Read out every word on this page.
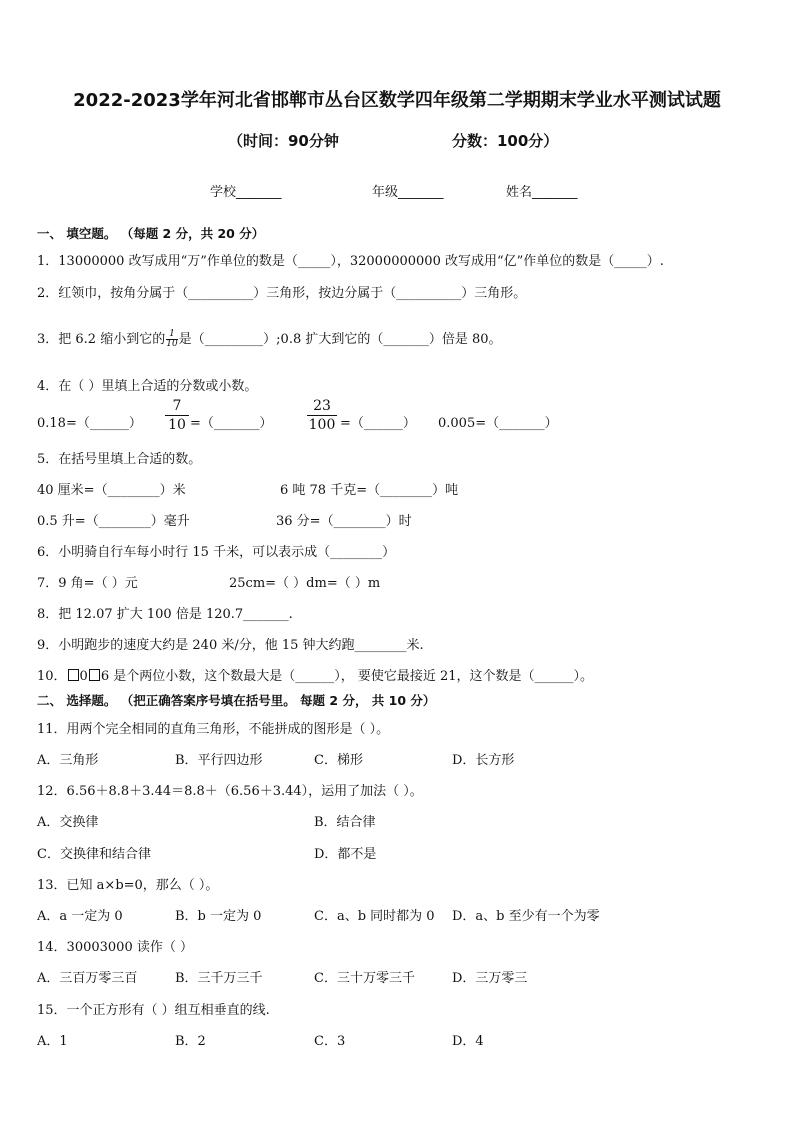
2022-2023学年河北省邯郸市丛台区数学四年级第二学期期末学业水平测试试题
（时间：90分钟	分数：100分）
学校_______	年级_______	姓名_______
一、 填空题。 （每题 2 分，共 20 分）
1．13000000 改写成用“万”作单位的数是（_____），32000000000 改写成用“亿”作单位的数是（_____）.
2．红领巾，按角分属于（__________）三角形，按边分属于（__________）三角形。
3．把 6.2 缩小到它的$\frac{1}{10}$是（_________）;0.8 扩大到它的（_______）倍是 80。
4．在（ ）里填上合适的分数或小数。
0.18=（______）
7
10 =（_______）
23
100 =（______） 0.005=（_______）
5．在括号里填上合适的数。
40 厘米=（________）米	6 吨 78 千克=（________）吨
0.5 升=（________）毫升	36 分=（________）时
6．小明骑自行车每小时行 15 千米，可以表示成（________）
7．9 角=（ ）元	25cm=（ ）dm=（ ）m
8．把 12.07 扩大 100 倍是 120.7_______.
9．小明跑步的速度大约是 240 米/分，他 15 钟大约跑________米.
10． 0 6 是个两位小数，这个数最大是（______）， 要使它最接近 21，这个数是（______）。
二、 选择题。 （把正确答案序号填在括号里。 每题 2 分， 共 10 分）
11．用两个完全相同的直角三角形，不能拼成的图形是（ ）。
A．三角形	B．平行四边形	C．梯形	D．长方形
12．6.56＋8.8＋3.44＝8.8＋（6.56＋3.44），运用了加法（ ）。
A．交换律	B．结合律
C．交换律和结合律	D．都不是
13．已知 a×b=0，那么（ ）。
A．a 一定为 0	B．b 一定为 0	C．a、b 同时都为 0 D．a、b 至少有一个为零
14．30003000 读作（ ）
A．三百万零三百	B．三千万三千	C．三十万零三千	D．三万零三
15．一个正方形有（ ）组互相垂直的线.
A．1	B．2	C．3	D．4
